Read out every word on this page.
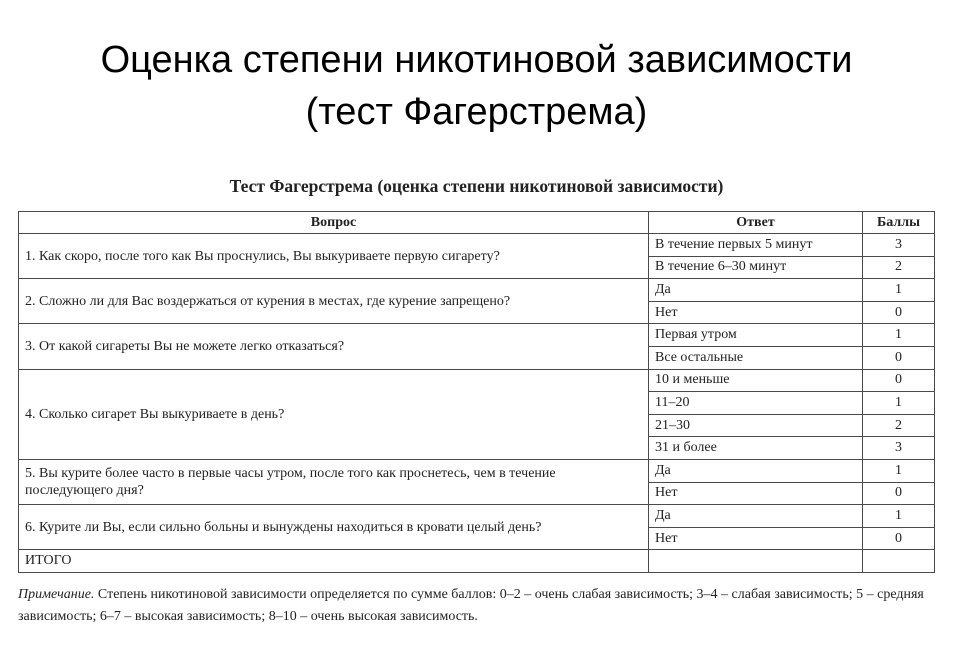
Оценка степени никотиновой зависимости
(тест Фагерстрема)
Тест Фагерстрема (оценка степени никотиновой зависимости)
Вопрос	Ответ	Баллы
1. Как скоро, после того как Вы проснулись, Вы выкуриваете первую сигарету?	В течение первых 5 минут	3
	В течение 6–30 минут	2
2. Сложно ли для Вас воздержаться от курения в местах, где курение запрещено?	Да	1
	Нет	0
3. От какой сигареты Вы не можете легко отказаться?	Первая утром	1
	Все остальные	0
4. Сколько сигарет Вы выкуриваете в день?	10 и меньше	0
	11–20	1
	21–30	2
	31 и более	3
5. Вы курите более часто в первые часы утром, после того как проснетесь, чем в течение последующего дня?	Да	1
	Нет	0
6. Курите ли Вы, если сильно больны и вынуждены находиться в кровати целый день?	Да	1
	Нет	0
ИТОГО		
Примечание. Степень никотиновой зависимости определяется по сумме баллов: 0–2 – очень слабая зависимость; 3–4 – слабая зависимость; 5 – средняя зависимость; 6–7 – высокая зависимость; 8–10 – очень высокая зависимость.
